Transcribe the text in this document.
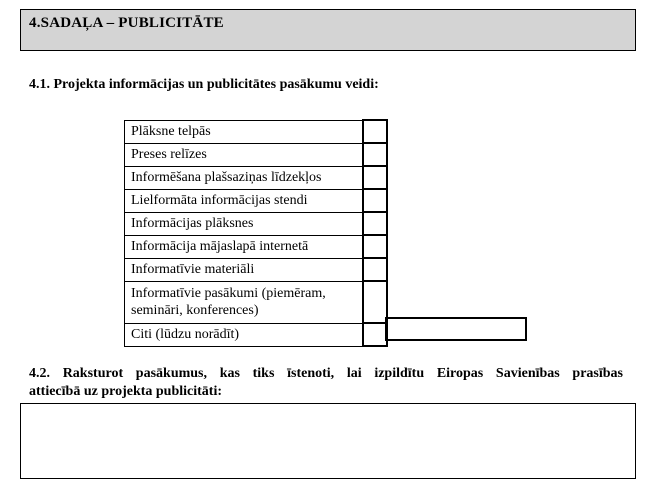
4.SADAĻA – PUBLICITĀTE
4.1. Projekta informācijas un publicitātes pasākumu veidi:
Plāksne telpās	
Preses relīzes	
Informēšana plašsaziņas līdzekļos	
Lielformāta informācijas stendi	
Informācijas plāksnes	
Informācija mājaslapā internetā	
Informatīvie materiāli	
Informatīvie pasākumi (piemēram, semināri, konferences)	
Citi (lūdzu norādīt)	
4.2. Raksturot pasākumus, kas tiks īstenoti, lai izpildītu Eiropas Savienības prasības
attiecībā uz projekta publicitāti:
